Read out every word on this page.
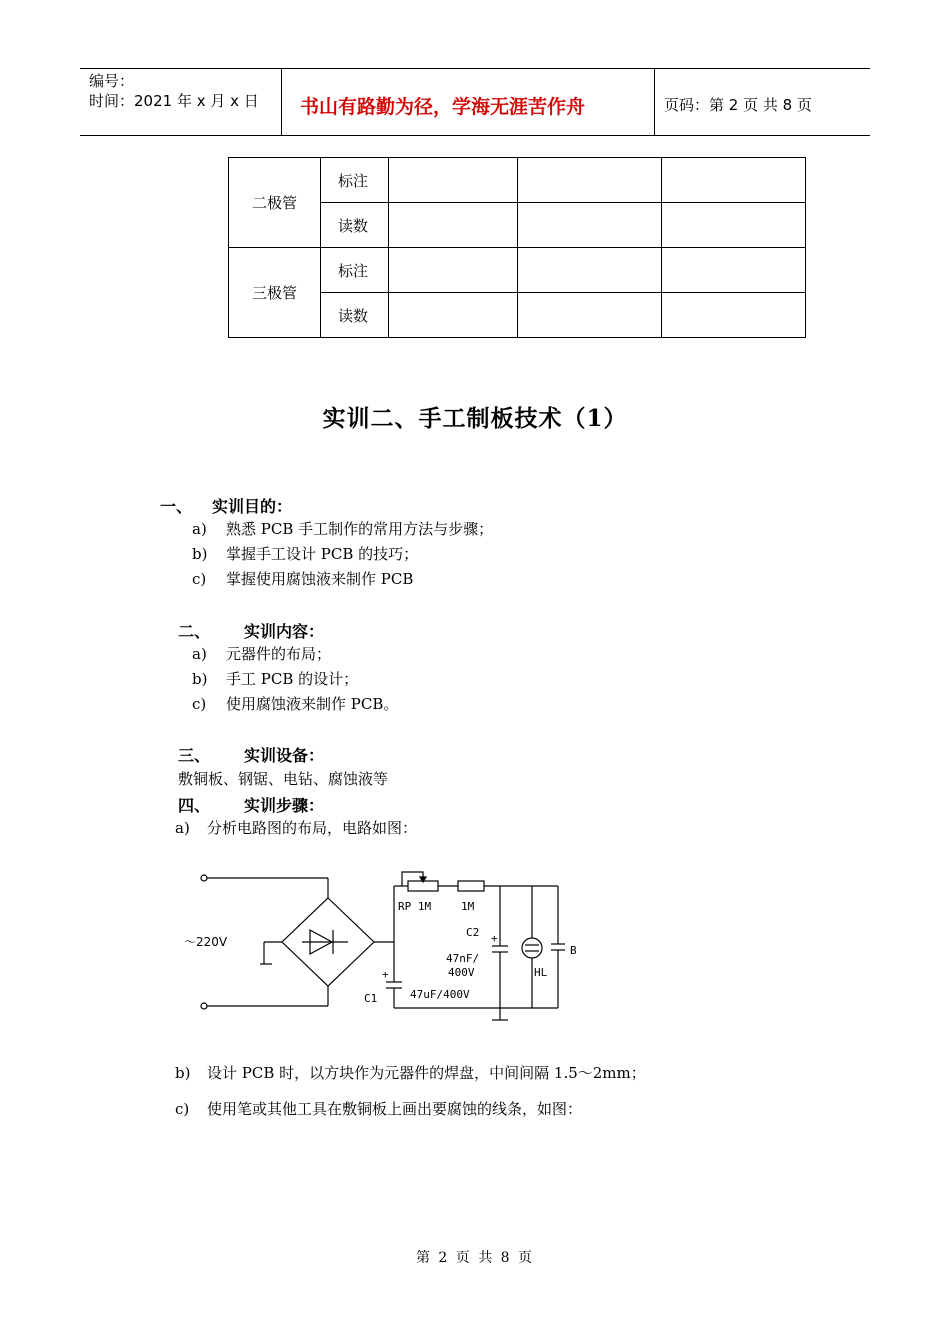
编号：
时间：2021 年 x 月 x 日 书山有路勤为径，学海无涯苦作舟	页码：第 2 页 共 8 页
二极管	标注			
	读数			
三极管	标注			
	读数			
实训二、手工制板技术（1）
一、 实训目的：
a) 熟悉 PCB 手工制作的常用方法与步骤；
b) 掌握手工设计 PCB 的技巧；
c) 掌握使用腐蚀液来制作 PCB
二、 实训内容：
a) 元器件的布局；
b) 手工 PCB 的设计；
c) 使用腐蚀液来制作 PCB。
三、 实训设备：
敷铜板、钢锯、电钻、腐蚀液等
四、 实训步骤：
a) 分析电路图的布局，电路如图：
～220V
RP 1M	1M
C2
47nF/
400V
+
+
C1	47uF/400V
HL
B
b) 设计 PCB 时，以方块作为元器件的焊盘，中间间隔 1.5～2mm；
c) 使用笔或其他工具在敷铜板上画出要腐蚀的线条，如图：
第 2 页 共 8 页
